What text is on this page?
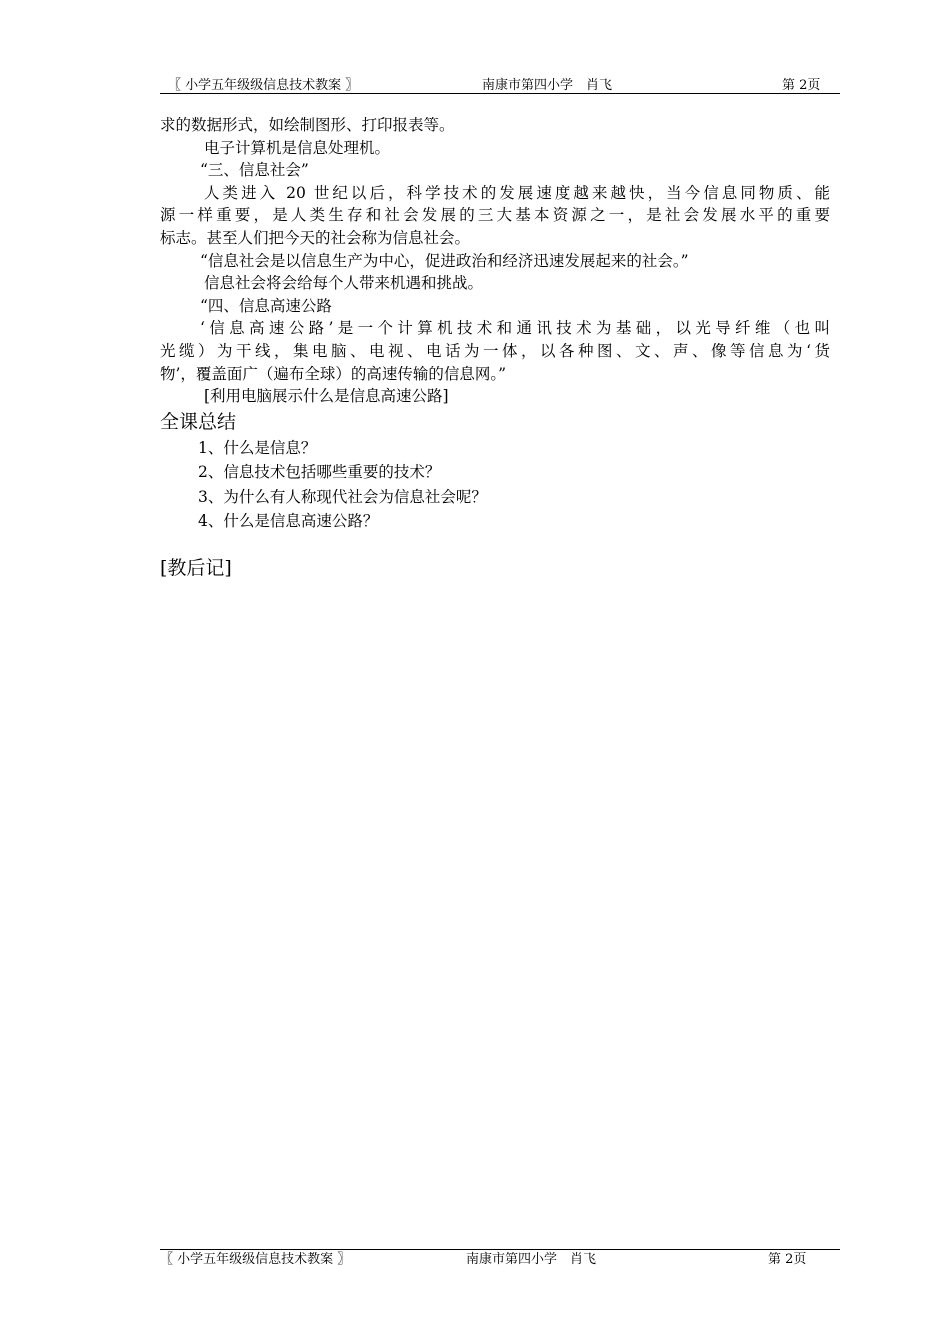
〖 小学五年级级信息技术教案 〗	南康市第四小学　肖飞	第 2页
求的数据形式，如绘制图形、打印报表等。
电子计算机是信息处理机。
“三、信息社会”
人类进入 20 世纪以后，科学技术的发展速度越来越快，当今信息同物质、能
源一样重要，是人类生存和社会发展的三大基本资源之一，是社会发展水平的重要
标志。甚至人们把今天的社会称为信息社会。
“信息社会是以信息生产为中心，促进政治和经济迅速发展起来的社会。”
信息社会将会给每个人带来机遇和挑战。
“四、信息高速公路
‘信息高速公路’是一个计算机技术和通讯技术为基础，以光导纤维（也叫
光缆）为干线，集电脑、电视、电话为一体，以各种图、文、声、像等信息为‘货
物’，覆盖面广（遍布全球）的高速传输的信息网。”
[利用电脑展示什么是信息高速公路]
全课总结
1、什么是信息？
2、信息技术包括哪些重要的技术？
3、为什么有人称现代社会为信息社会呢？
4、什么是信息高速公路？
[教后记]
〖 小学五年级级信息技术教案 〗	南康市第四小学　肖飞	第 2页
